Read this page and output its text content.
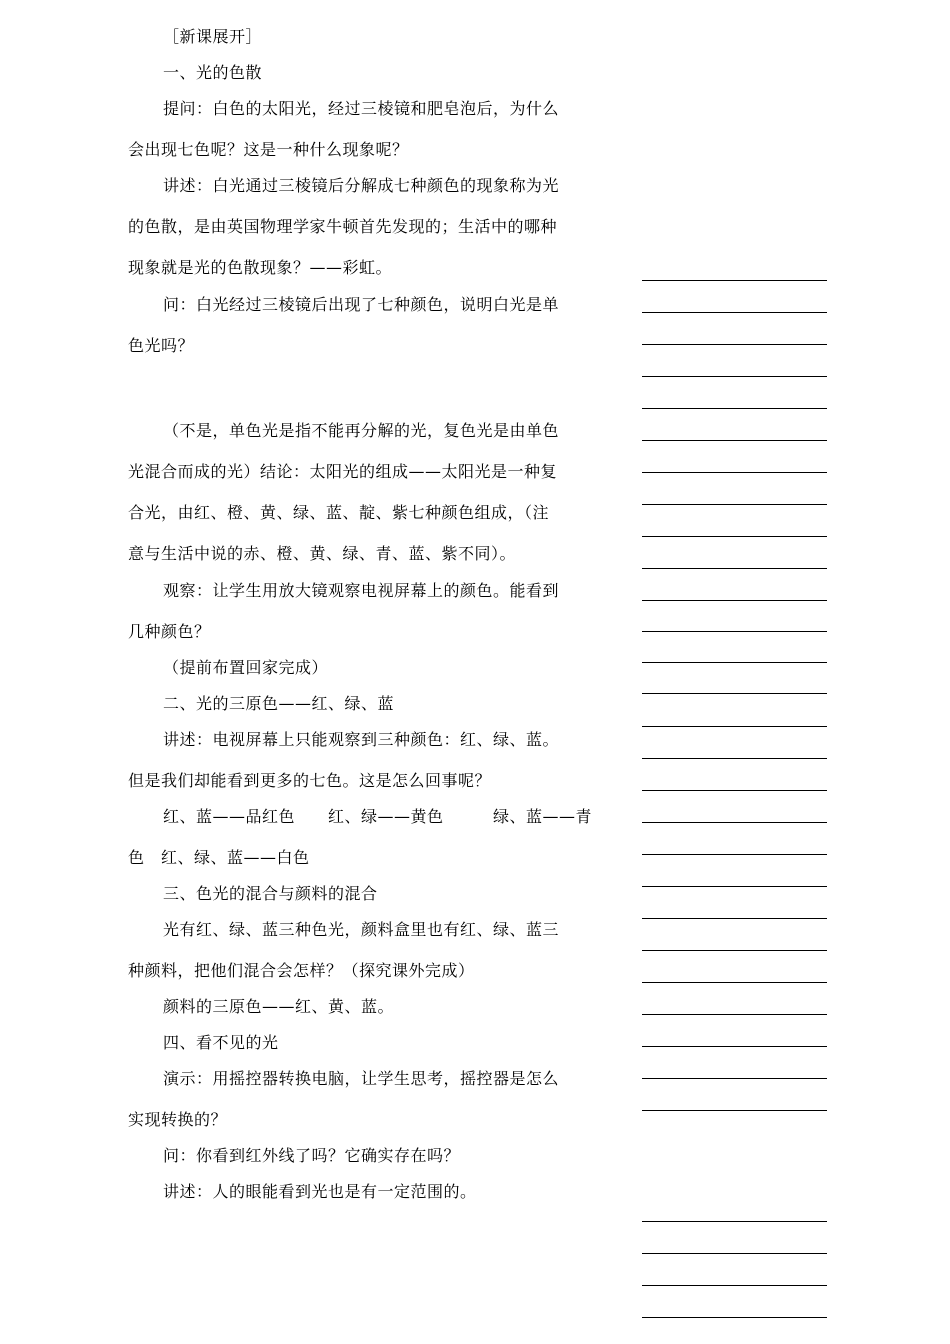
［新课展开］
一、光的色散
提问：白色的太阳光，经过三棱镜和肥皂泡后，为什么
会出现七色呢？这是一种什么现象呢？
讲述：白光通过三棱镜后分解成七种颜色的现象称为光
的色散，是由英国物理学家牛顿首先发现的；生活中的哪种
现象就是光的色散现象？——彩虹。
问：白光经过三棱镜后出现了七种颜色，说明白光是单
色光吗？
（不是，单色光是指不能再分解的光，复色光是由单色
光混合而成的光）结论：太阳光的组成——太阳光是一种复
合光，由红、橙、黄、绿、蓝、靛、紫七种颜色组成，（注
意与生活中说的赤、橙、黄、绿、青、蓝、紫不同）。
观察：让学生用放大镜观察电视屏幕上的颜色。能看到
几种颜色？
（提前布置回家完成）
二、光的三原色——红、绿、蓝
讲述：电视屏幕上只能观察到三种颜色：红、绿、蓝。
但是我们却能看到更多的七色。这是怎么回事呢？
红、蓝——品红色　　红、绿——黄色　　　绿、蓝——青
色　红、绿、蓝——白色
三、色光的混合与颜料的混合
光有红、绿、蓝三种色光，颜料盒里也有红、绿、蓝三
种颜料，把他们混合会怎样？（探究课外完成）
颜料的三原色——红、黄、蓝。
四、看不见的光
演示：用摇控器转换电脑，让学生思考，摇控器是怎么
实现转换的？
问：你看到红外线了吗？它确实存在吗？
讲述：人的眼能看到光也是有一定范围的。
